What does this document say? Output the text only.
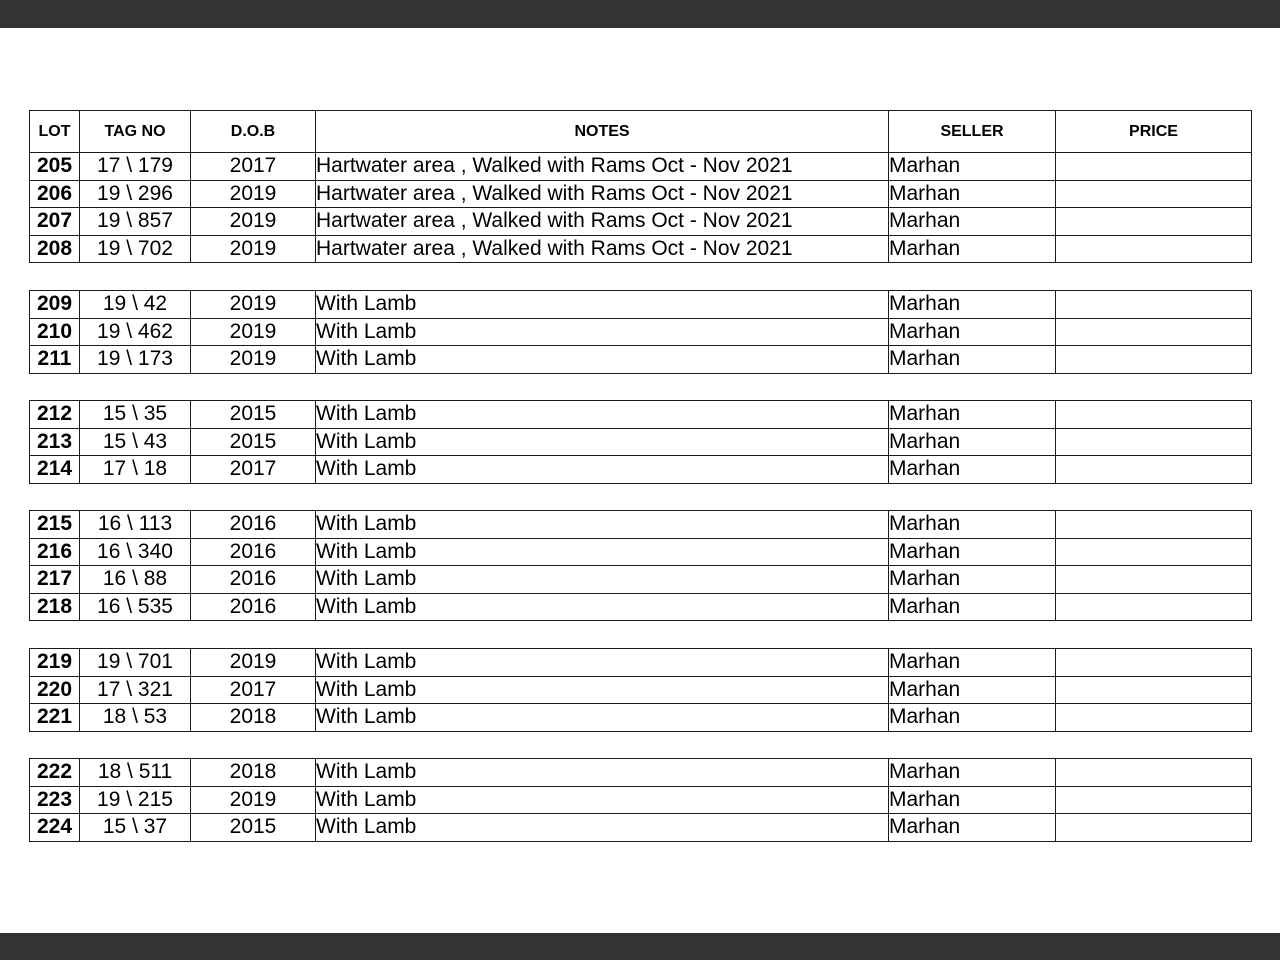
LOT	TAG NO	D.O.B	NOTES	SELLER	PRICE
205	17 \ 179	2017	Hartwater area , Walked with Rams Oct - Nov 2021	Marhan	
206	19 \ 296	2019	Hartwater area , Walked with Rams Oct - Nov 2021	Marhan	
207	19 \ 857	2019	Hartwater area , Walked with Rams Oct - Nov 2021	Marhan	
208	19 \ 702	2019	Hartwater area , Walked with Rams Oct - Nov 2021	Marhan	
209	19 \ 42	2019	With Lamb	Marhan	
210	19 \ 462	2019	With Lamb	Marhan	
211	19 \ 173	2019	With Lamb	Marhan	
212	15 \ 35	2015	With Lamb	Marhan	
213	15 \ 43	2015	With Lamb	Marhan	
214	17 \ 18	2017	With Lamb	Marhan	
215	16 \ 113	2016	With Lamb	Marhan	
216	16 \ 340	2016	With Lamb	Marhan	
217	16 \ 88	2016	With Lamb	Marhan	
218	16 \ 535	2016	With Lamb	Marhan	
219	19 \ 701	2019	With Lamb	Marhan	
220	17 \ 321	2017	With Lamb	Marhan	
221	18 \ 53	2018	With Lamb	Marhan	
222	18 \ 511	2018	With Lamb	Marhan	
223	19 \ 215	2019	With Lamb	Marhan	
224	15 \ 37	2015	With Lamb	Marhan	
